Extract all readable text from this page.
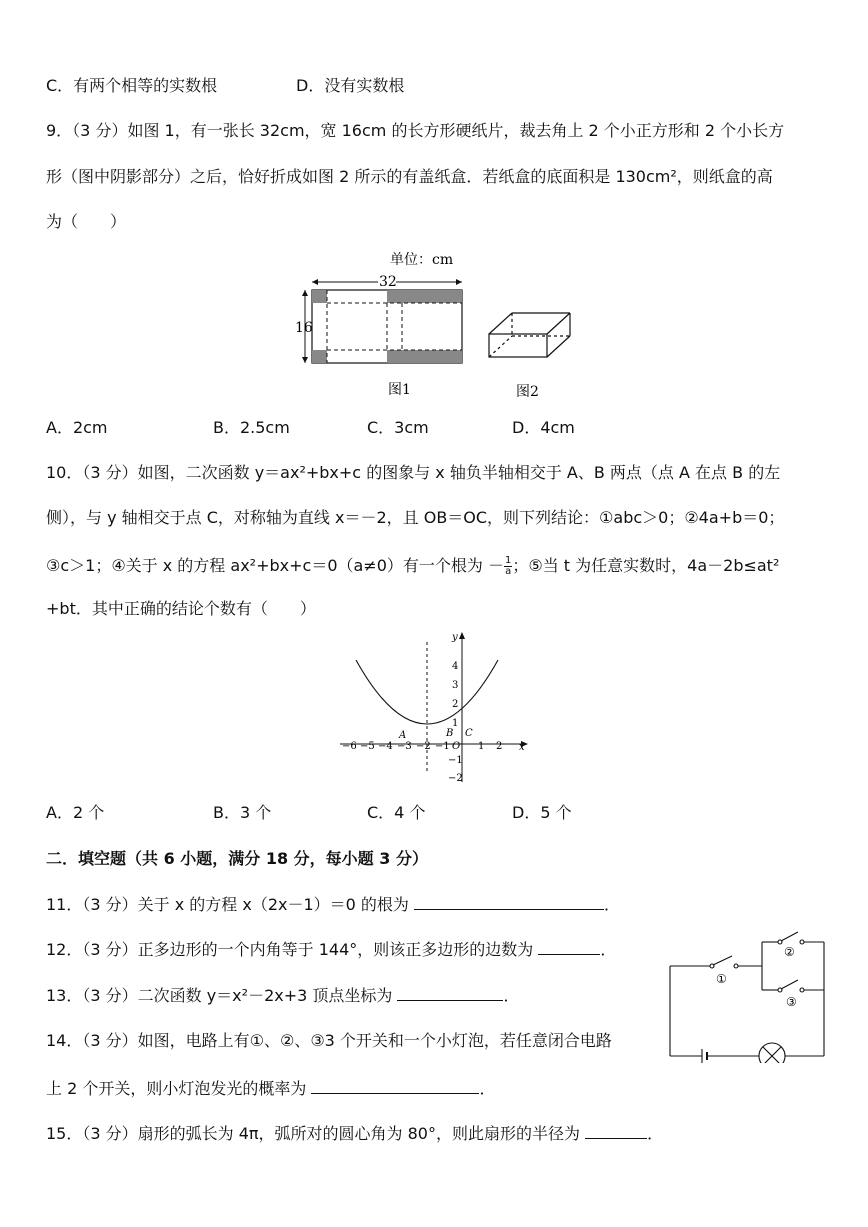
C．有两个相等的实数根	D．没有实数根
9．（3 分）如图 1，有一张长 32cm，宽 16cm 的长方形硬纸片，裁去角上 2 个小正方形和 2 个小长方
形（图中阴影部分）之后，恰好折成如图 2 所示的有盖纸盒．若纸盒的底面积是 130cm²，则纸盒的高
为（　　）
单位：cm
32
16
图1	图2
A．2cm	B．2.5cm	C．3cm	D．4cm
10．（3 分）如图，二次函数 y＝ax²+bx+c 的图象与 x 轴负半轴相交于 A、B 两点（点 A 在点 B 的左
侧），与 y 轴相交于点 C，对称轴为直线 x＝－2，且 OB＝OC，则下列结论：①abc＞0；②4a+b＝0；
③c＞1；④关于 x 的方程 ax²+bx+c＝0（a≠0）有一个根为 － $\frac{1}{a}$ ；⑤当 t 为任意实数时，4a－2b≤at²
+bt．其中正确的结论个数有（　　）
x
y
−6 −5 −4 −3 −2 −1	1 2
4
3
2
1
−1
−2
A	B C
O
A．2 个	B．3 个	C．4 个	D．5 个
二．填空题（共 6 小题，满分 18 分，每小题 3 分）
11．（3 分）关于 x 的方程 x（2x－1）＝0 的根为	．
12．（3 分）正多边形的一个内角等于 144°，则该正多边形的边数为	．
13．（3 分）二次函数 y＝x²－2x+3 顶点坐标为	．
①
②
③
14．（3 分）如图，电路上有①、②、③3 个开关和一个小灯泡，若任意闭合电路
上 2 个开关，则小灯泡发光的概率为	．
15．（3 分）扇形的弧长为 4π，弧所对的圆心角为 80°，则此扇形的半径为	．
